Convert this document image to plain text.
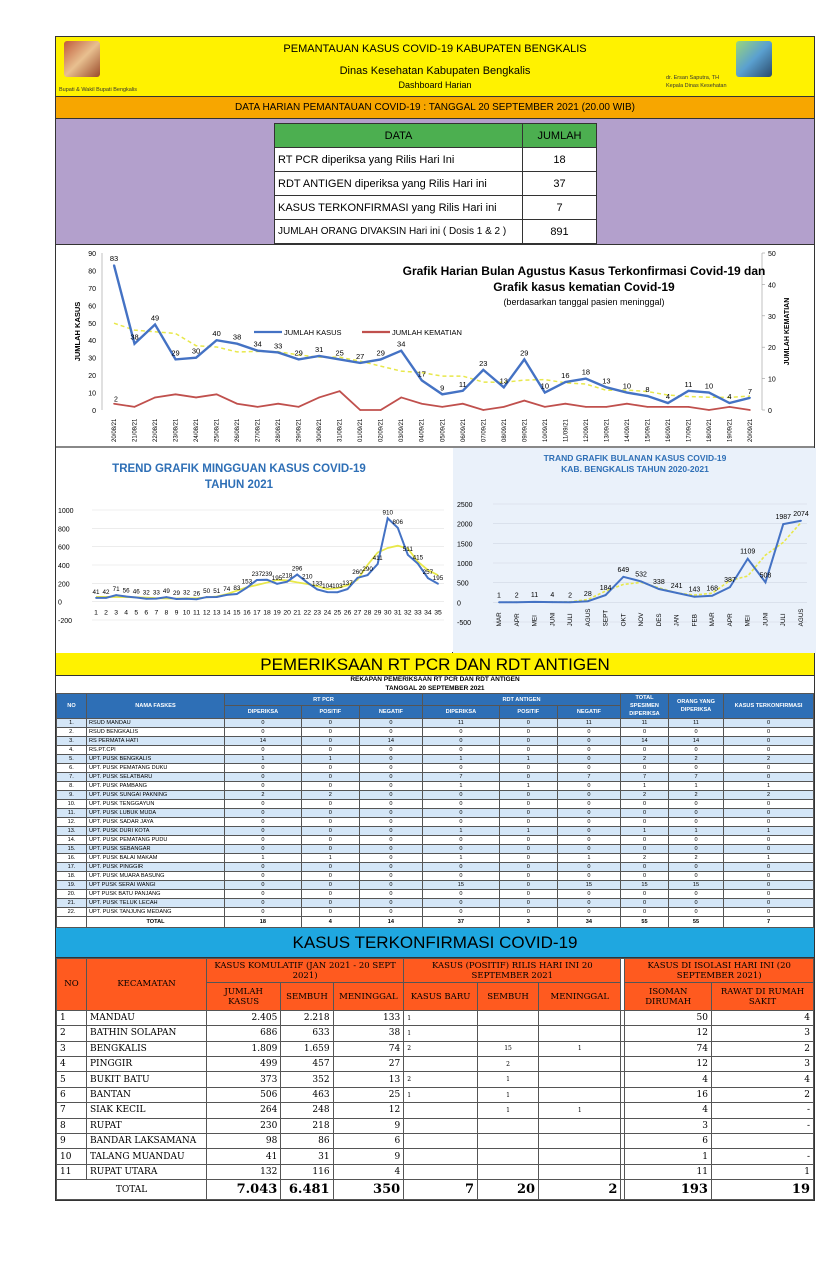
PEMANTAUAN KASUS COVID-19 KABUPATEN BENGKALIS
Dinas Kesehatan Kabupaten Bengkalis
Dashboard Harian
Bupati & Wakil Bupati Bengkalis
dr. Ersan Saputra, TH
Kepala Dinas Kesehatan
DATA HARIAN PEMANTAUAN COVID-19 : TANGGAL 20 SEPTEMBER 2021 (20.00 WIB)
DATA	JUMLAH
RT PCR diperiksa yang Rilis Hari Ini	18
RDT ANTIGEN diperiksa yang Rilis Hari ini	37
KASUS TERKONFIRMASI yang Rilis Hari ini	7
JUMLAH ORANG DIVAKSIN Hari ini ( Dosis 1 & 2 )	891
0
10
20
30
40
50
60
70
80
90
0
10
20
30
40
50
JUMLAH KASUS	JUMLAH KEMATIAN
20/08/21 21/08/21 22/08/21 23/08/21 24/08/21 25/08/21 26/08/21 27/08/21 28/08/21 29/08/21 30/08/21 31/08/21 01/09/21 02/09/21 03/09/21 04/09/21 05/09/21 06/09/21 07/09/21 08/09/21 09/09/21 10/09/21 11/09/21 12/09/21 13/09/21 14/09/21 15/09/21 16/09/21 17/09/21 18/09/21 19/09/21 20/09/21
83
38
49
29 30
40 38
34 33
29 31 25 27 29
34
17
9 11
23
13
29
10
16 18
13
10 8
4
11 10
4
7
2
Grafik Harian Bulan Agustus Kasus Terkonfirmasi Covid-19 dan
Grafik kasus kematian Covid-19
(berdasarkan tanggal pasien meninggal)
JUMLAH KASUS	JUMLAH KEMATIAN
-200
0
200
400
600
800
1000
1 2 3 4 5 6 7 8 9 10 11 12 13 14 15 16 17 18 19 20 21 22 23 24 25 26 27 28 29 30 31 32 33 34 35
41 42 71 56 46 32 33 49 29 32 26 50 51 74 83
153
237 239
195 218
296
210
133 104 103 137
260 290
411
910
806
511
415
257
195
TREND GRAFIK MINGGUAN KASUS COVID-19
TAHUN 2021
-500
0
500
1000
1500
2000
2500
MAR APR MEI JUNI JULI AGUS SEPT OKT NOV DES JAN FEB MAR APR MEI JUNI JULI AGUS
1 2 11 4 2 28
184
649
532
338
241
143 168
387
1109
508
1987 2074
TRAND GRAFIK BULANAN KASUS COVID-19
KAB. BENGKALIS TAHUN 2020-2021
PEMERIKSAAN RT PCR DAN RDT ANTIGEN
REKAPAN PEMERIKSAAN RT PCR DAN RDT ANTIGEN										
TANGGAL 20 SEPTEMBER 2021										
NO	NAMA FASKES	RT PCR			RDT ANTIGEN			TOTAL SPESIMEN DIPERIKSA	ORANG YANG DIPERIKSA	KASUS TERKONFIRMASI
		DIPERIKSA	POSITIF	NEGATIF	DIPERIKSA	POSITIF	NEGATIF			
1.	RSUD MANDAU	0	0	0	11	0	11	11	11	0
2.	RSUD BENGKALIS	0	0	0	0	0	0	0	0	0
3.	RS PERMATA HATI	14	0	14	0	0	0	14	14	0
4.	RS.PT.CPI	0	0	0	0	0	0	0	0	0
5.	UPT. PUSK BENGKALIS	1	1	0	1	1	0	2	2	2
6.	UPT. PUSK PEMATANG DUKU	0	0	0	0	0	0	0	0	0
7.	UPT. PUSK SELATBARU	0	0	0	7	0	7	7	7	0
8.	UPT. PUSK PAMBANG	0	0	0	1	1	0	1	1	1
9.	UPT. PUSK SUNGAI PAKNING	2	2	0	0	0	0	2	2	2
10.	UPT. PUSK TENGGAYUN	0	0	0	0	0	0	0	0	0
11.	UPT. PUSK LUBUK MUDA	0	0	0	0	0	0	0	0	0
12.	UPT. PUSK SADAR JAYA	0	0	0	0	0	0	0	0	0
13.	UPT. PUSK DURI KOTA	0	0	0	1	1	0	1	1	1
14.	UPT. PUSK PEMATANG PUDU	0	0	0	0	0	0	0	0	0
15.	UPT. PUSK SEBANGAR	0	0	0	0	0	0	0	0	0
16.	UPT. PUSK BALAI MAKAM	1	1	0	1	0	1	2	2	1
17.	UPT. PUSK PINGGIR	0	0	0	0	0	0	0	0	0
18.	UPT. PUSK MUARA BASUNG	0	0	0	0	0	0	0	0	0
19.	UPT PUSK SERAI WANGI	0	0	0	15	0	15	15	15	0
20.	UPT PUSK BATU PANJANG	0	0	0	0	0	0	0	0	0
21.	UPT. PUSK TELUK LECAH	0	0	0	0	0	0	0	0	0
22.	UPT. PUSK TANJUNG MEDANG	0	0	0	0	0	0	0	0	0
	TOTAL	18	4	14	37	3	34	55	55	7
KASUS TERKONFIRMASI COVID-19
NO	KECAMATAN	KASUS KOMULATIF (JAN 2021 - 20 SEPT 2021)			KASUS (POSITIF) RILIS HARI INI 20 SEPTEMBER 2021				KASUS DI ISOLASI HARI INI (20 SEPTEMBER 2021)	
		JUMLAH KASUS	SEMBUH	MENINGGAL	KASUS BARU	SEMBUH	MENINGGAL		ISOMAN DIRUMAH	RAWAT DI RUMAH SAKIT
1	MANDAU	2.405	2.218	133	1				50	4
2	BATHIN SOLAPAN	686	633	38	1				12	3
3	BENGKALIS	1.809	1.659	74	2	15	1		74	2
4	PINGGIR	499	457	27		2			12	3
5	BUKIT BATU	373	352	13	2	1			4	4
6	BANTAN	506	463	25	1	1			16	2
7	SIAK KECIL	264	248	12		1	1		4	-
8	RUPAT	230	218	9					3	-
9	BANDAR LAKSAMANA	98	86	6					6	
10	TALANG MUANDAU	41	31	9					1	-
11	RUPAT UTARA	132	116	4					11	1
TOTAL		7.043	6.481	350	7	20	2		193	19
